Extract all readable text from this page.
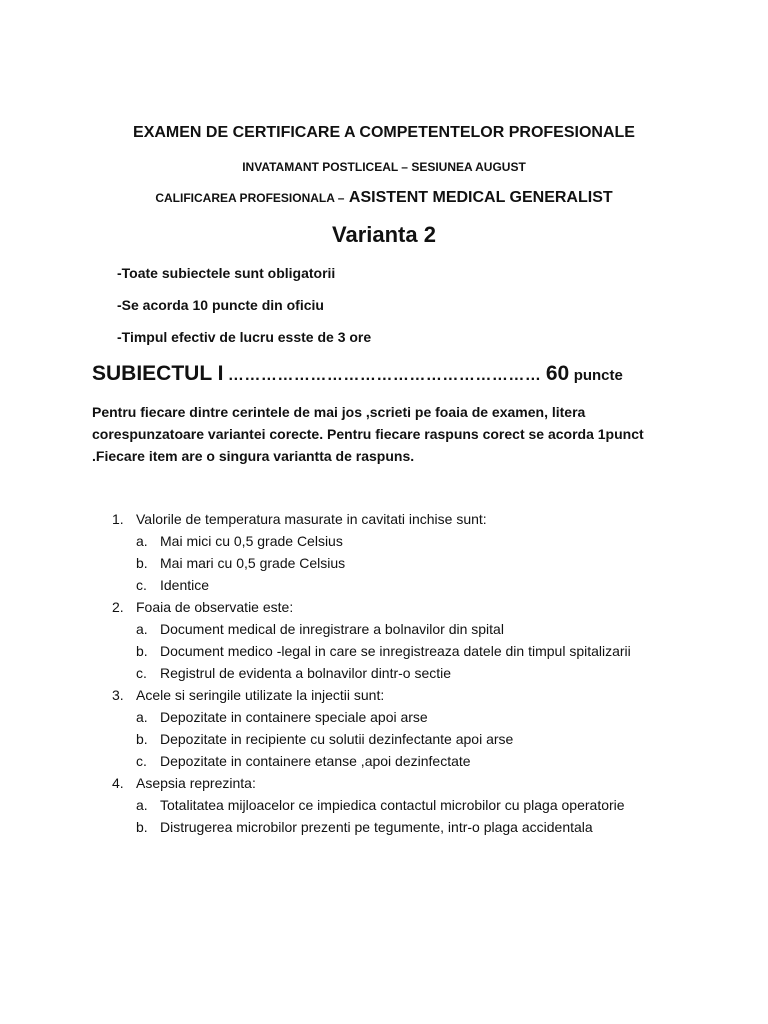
EXAMEN DE CERTIFICARE A COMPETENTELOR PROFESIONALE
INVATAMANT POSTLICEAL – SESIUNEA AUGUST
CALIFICAREA PROFESIONALA – ASISTENT MEDICAL GENERALIST
Varianta 2
-Toate subiectele sunt obligatorii
-Se acorda 10 puncte din oficiu
-Timpul efectiv de lucru esste de 3 ore
SUBIECTUL I ………………………………………………… 60 puncte
Pentru fiecare dintre cerintele de mai jos ,scrieti pe foaia de examen, litera corespunzatoare variantei corecte. Pentru fiecare raspuns corect se acorda 1punct .Fiecare item are o singura variantta de raspuns.
1. Valorile de temperatura masurate in cavitati inchise sunt:
a. Mai mici cu 0,5 grade Celsius
b. Mai mari cu 0,5 grade Celsius
c. Identice
2. Foaia de observatie este:
a. Document medical de inregistrare a bolnavilor din spital
b. Document medico -legal in care se inregistreaza datele din timpul spitalizarii
c. Registrul de evidenta a bolnavilor dintr-o sectie
3. Acele si seringile utilizate la injectii sunt:
a. Depozitate in containere speciale apoi arse
b. Depozitate in recipiente cu solutii dezinfectante apoi arse
c. Depozitate in containere etanse ,apoi dezinfectate
4. Asepsia reprezinta:
a. Totalitatea mijloacelor ce impiedica contactul microbilor cu plaga operatorie
b. Distrugerea microbilor prezenti pe tegumente, intr-o plaga accidentala
